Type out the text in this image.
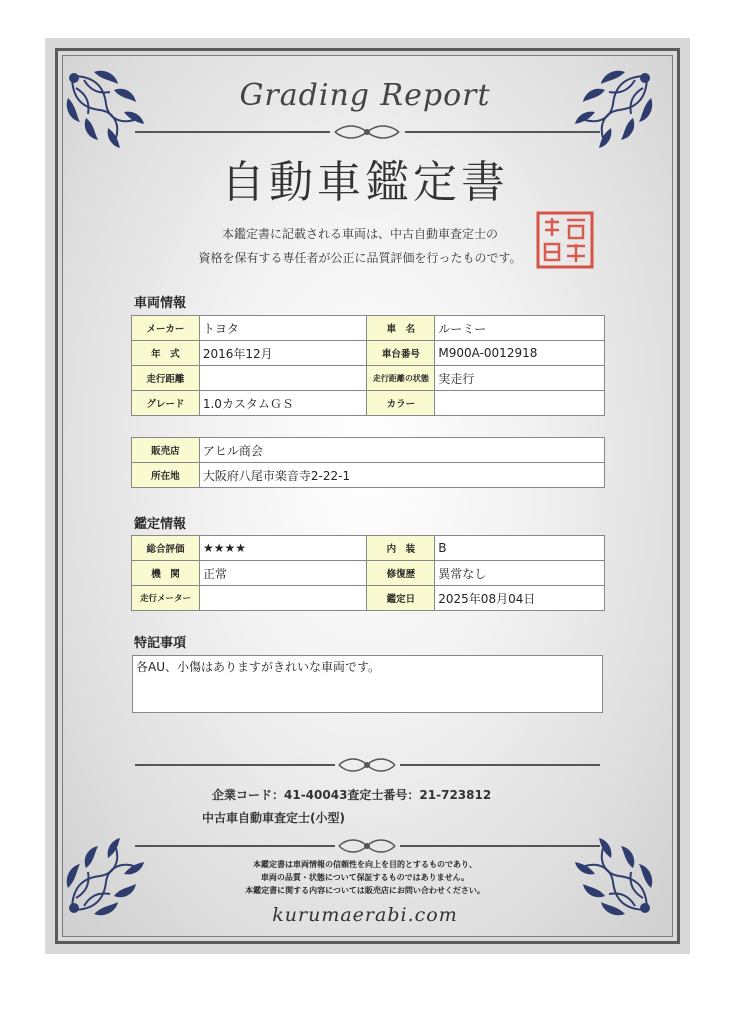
Grading Report
自動車鑑定書
本鑑定書に記載される車両は、中古自動車査定士の
資格を保有する専任者が公正に品質評価を行ったものです。
車両情報
メーカー	トヨタ	車　名	ルーミー
年　式	2016年12月	車台番号	M900A-0012918
走行距離		走行距離の状態	実走行
グレード	1.0カスタムＧＳ	カラー	
販売店	アヒル商会
所在地	大阪府八尾市楽音寺2-22-1
鑑定情報
総合評価	★★★★	内　装	B
機　関	正常	修復歴	異常なし
走行メーター		鑑定日	2025年08月04日
特記事項
各AU、小傷はありますがきれいな車両です。
企業コード：41-40043査定士番号：21-723812
中古車自動車査定士(小型)
本鑑定書は車両情報の信頼性を向上を目的とするものであり、
車両の品質・状態について保証するものではありません。
本鑑定書に関する内容については販売店にお問い合わせください。
kurumaerabi.com
